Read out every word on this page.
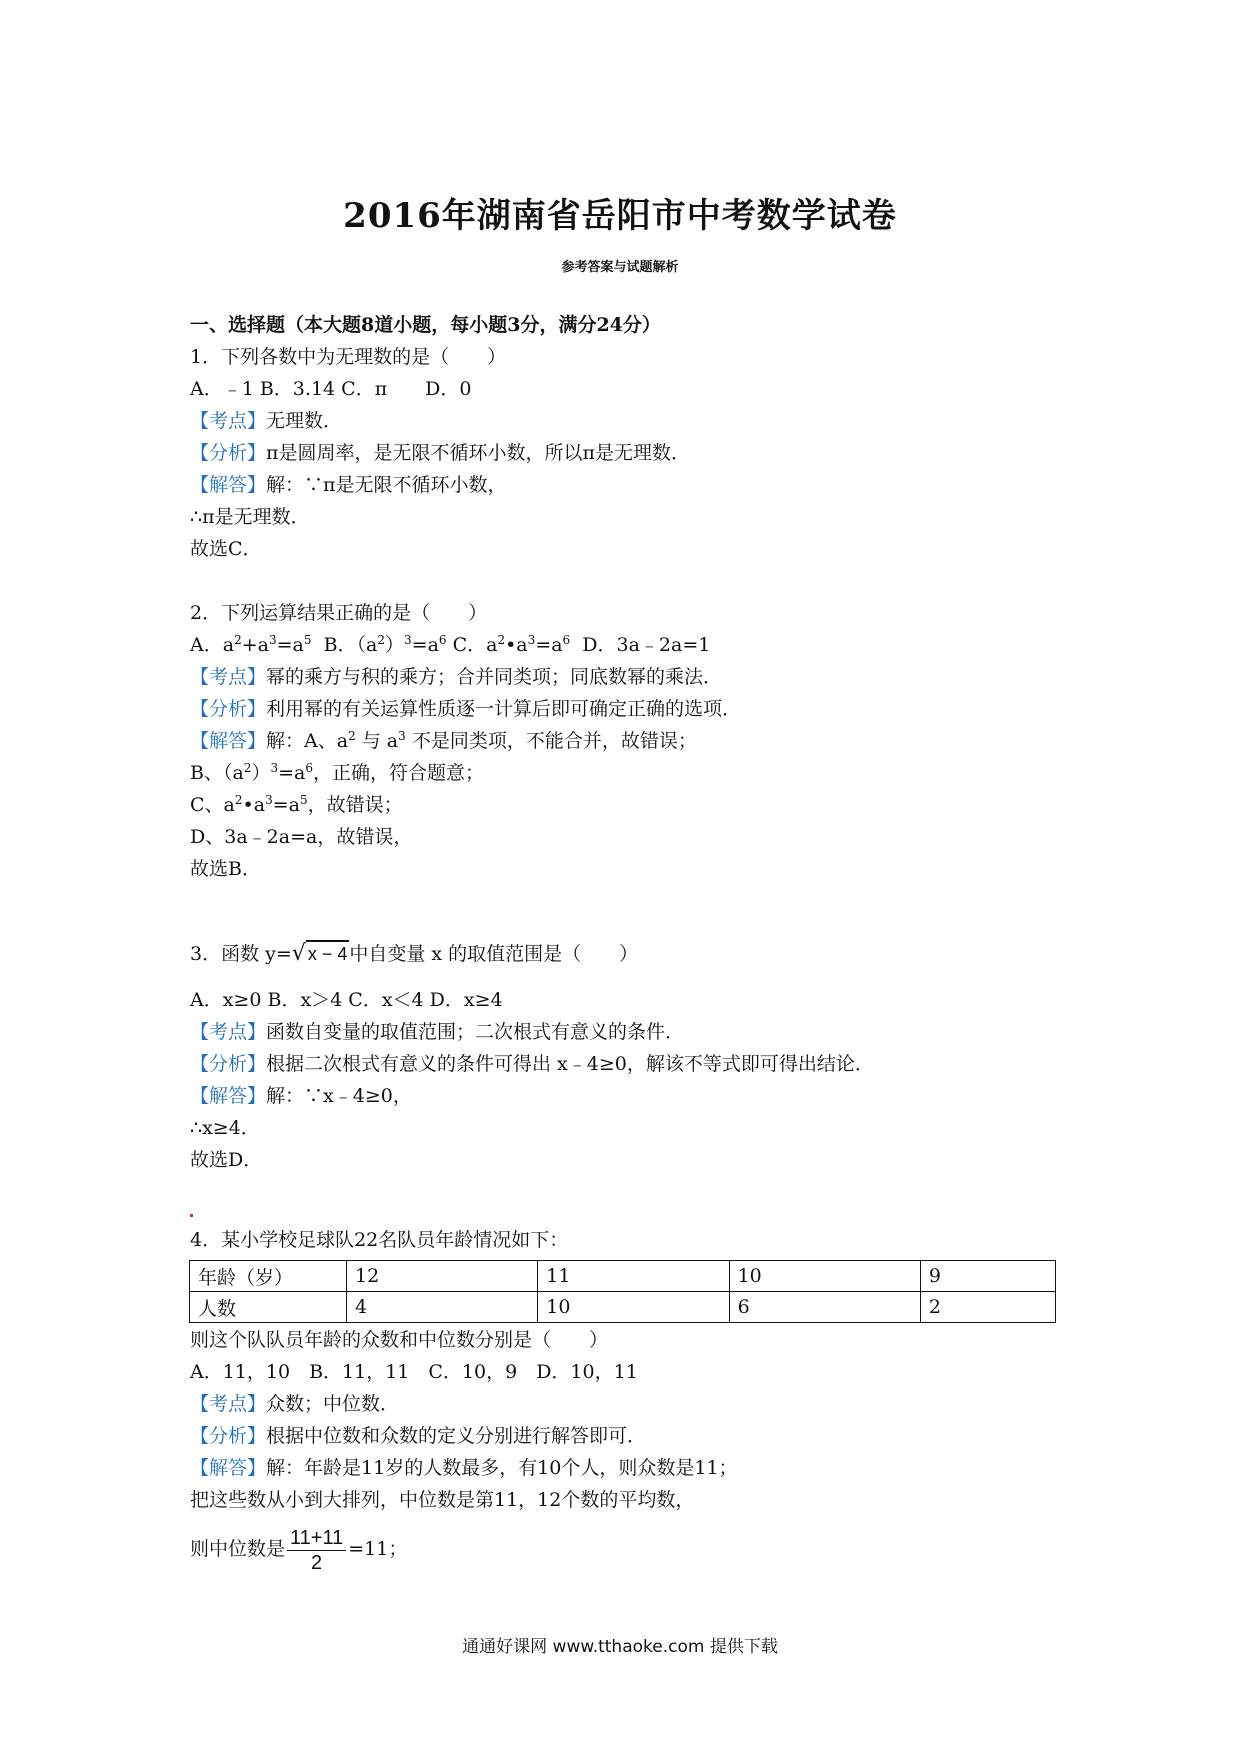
2016年湖南省岳阳市中考数学试卷
参考答案与试题解析
一、选择题（本大题8道小题，每小题3分，满分24分）
1．下列各数中为无理数的是（　　）
A．﹣1 B．3.14 C．π　　D．0
【考点】无理数．
【分析】π是圆周率，是无限不循环小数，所以π是无理数．
【解答】解：∵π是无限不循环小数，
∴π是无理数．
故选C．
2．下列运算结果正确的是（　　）
A．$a^2+a^3=a^5$  B．$(a^2)^3=a^6$ C．$a^2•a^3=a^6$  D．3a﹣2a=1
【考点】幂的乘方与积的乘方；合并同类项；同底数幂的乘法．
【分析】利用幂的有关运算性质逐一计算后即可确定正确的选项．
【解答】解：A、$a^2$ 与 $a^3$ 不是同类项，不能合并，故错误；
B、$(a^2)^3=a^6$，正确，符合题意；
C、$a^2•a^3=a^5$，故错误；
D、3a﹣2a=a，故错误，
故选B．
3．函数 y=√ x − 4 中自变量 x 的取值范围是（　　）
A．x≥0 B．x＞4 C．x＜4 D．x≥4
【考点】函数自变量的取值范围；二次根式有意义的条件．
【分析】根据二次根式有意义的条件可得出 x﹣4≥0，解该不等式即可得出结论．
【解答】解：∵x﹣4≥0，
∴x≥4．
故选D．
4．某小学校足球队22名队员年龄情况如下：
年龄（岁）	12	11	10	9
人数	4	10	6	2
则这个队队员年龄的众数和中位数分别是（　　）
A．11，10　B．11，11　C．10，9　D．10，11
【考点】众数；中位数．
【分析】根据中位数和众数的定义分别进行解答即可．
【解答】解：年龄是11岁的人数最多，有10个人，则众数是11；
把这些数从小到大排列，中位数是第11，12个数的平均数，
则中位数是 $\frac{11+11}{2} =11$；
通通好课网 www.tthaoke.com 提供下载
